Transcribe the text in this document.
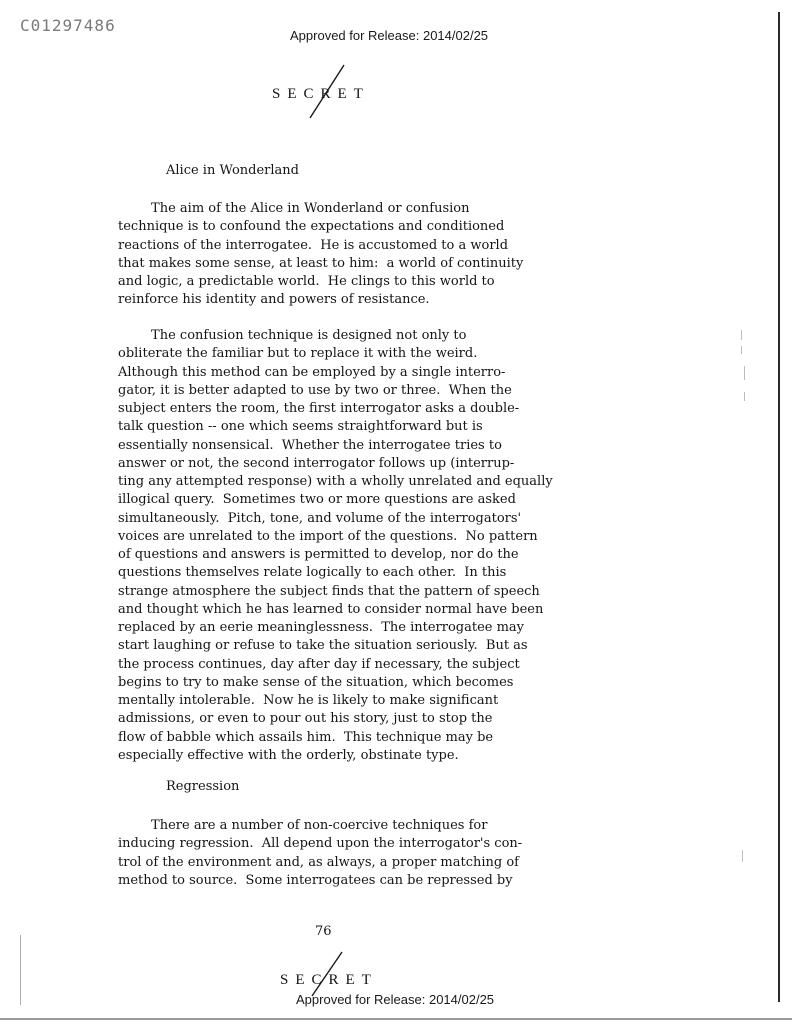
C01297486
Approved for Release: 2014/02/25
SECRET
Alice in Wonderland

The aim of the Alice in Wonderland or confusion
technique is to confound the expectations and conditioned
reactions of the interrogatee.  He is accustomed to a world
that makes some sense, at least to him:  a world of continuity
and logic, a predictable world.  He clings to this world to
reinforce his identity and powers of resistance.

The confusion technique is designed not only to
obliterate the familiar but to replace it with the weird.
Although this method can be employed by a single interro-
gator, it is better adapted to use by two or three.  When the
subject enters the room, the first interrogator asks a double-
talk question -- one which seems straightforward but is
essentially nonsensical.  Whether the interrogatee tries to
answer or not, the second interrogator follows up (interrup-
ting any attempted response) with a wholly unrelated and equally
illogical query.  Sometimes two or more questions are asked
simultaneously.  Pitch, tone, and volume of the interrogators'
voices are unrelated to the import of the questions.  No pattern
of questions and answers is permitted to develop, nor do the
questions themselves relate logically to each other.  In this
strange atmosphere the subject finds that the pattern of speech
and thought which he has learned to consider normal have been
replaced by an eerie meaninglessness.  The interrogatee may
start laughing or refuse to take the situation seriously.  But as
the process continues, day after day if necessary, the subject
begins to try to make sense of the situation, which becomes
mentally intolerable.  Now he is likely to make significant
admissions, or even to pour out his story, just to stop the
flow of babble which assails him.  This technique may be
especially effective with the orderly, obstinate type.

Regression

There are a number of non-coercive techniques for
inducing regression.  All depend upon the interrogator's con-
trol of the environment and, as always, a proper matching of
method to source.  Some interrogatees can be repressed by

76
SECRET
Approved for Release: 2014/02/25
